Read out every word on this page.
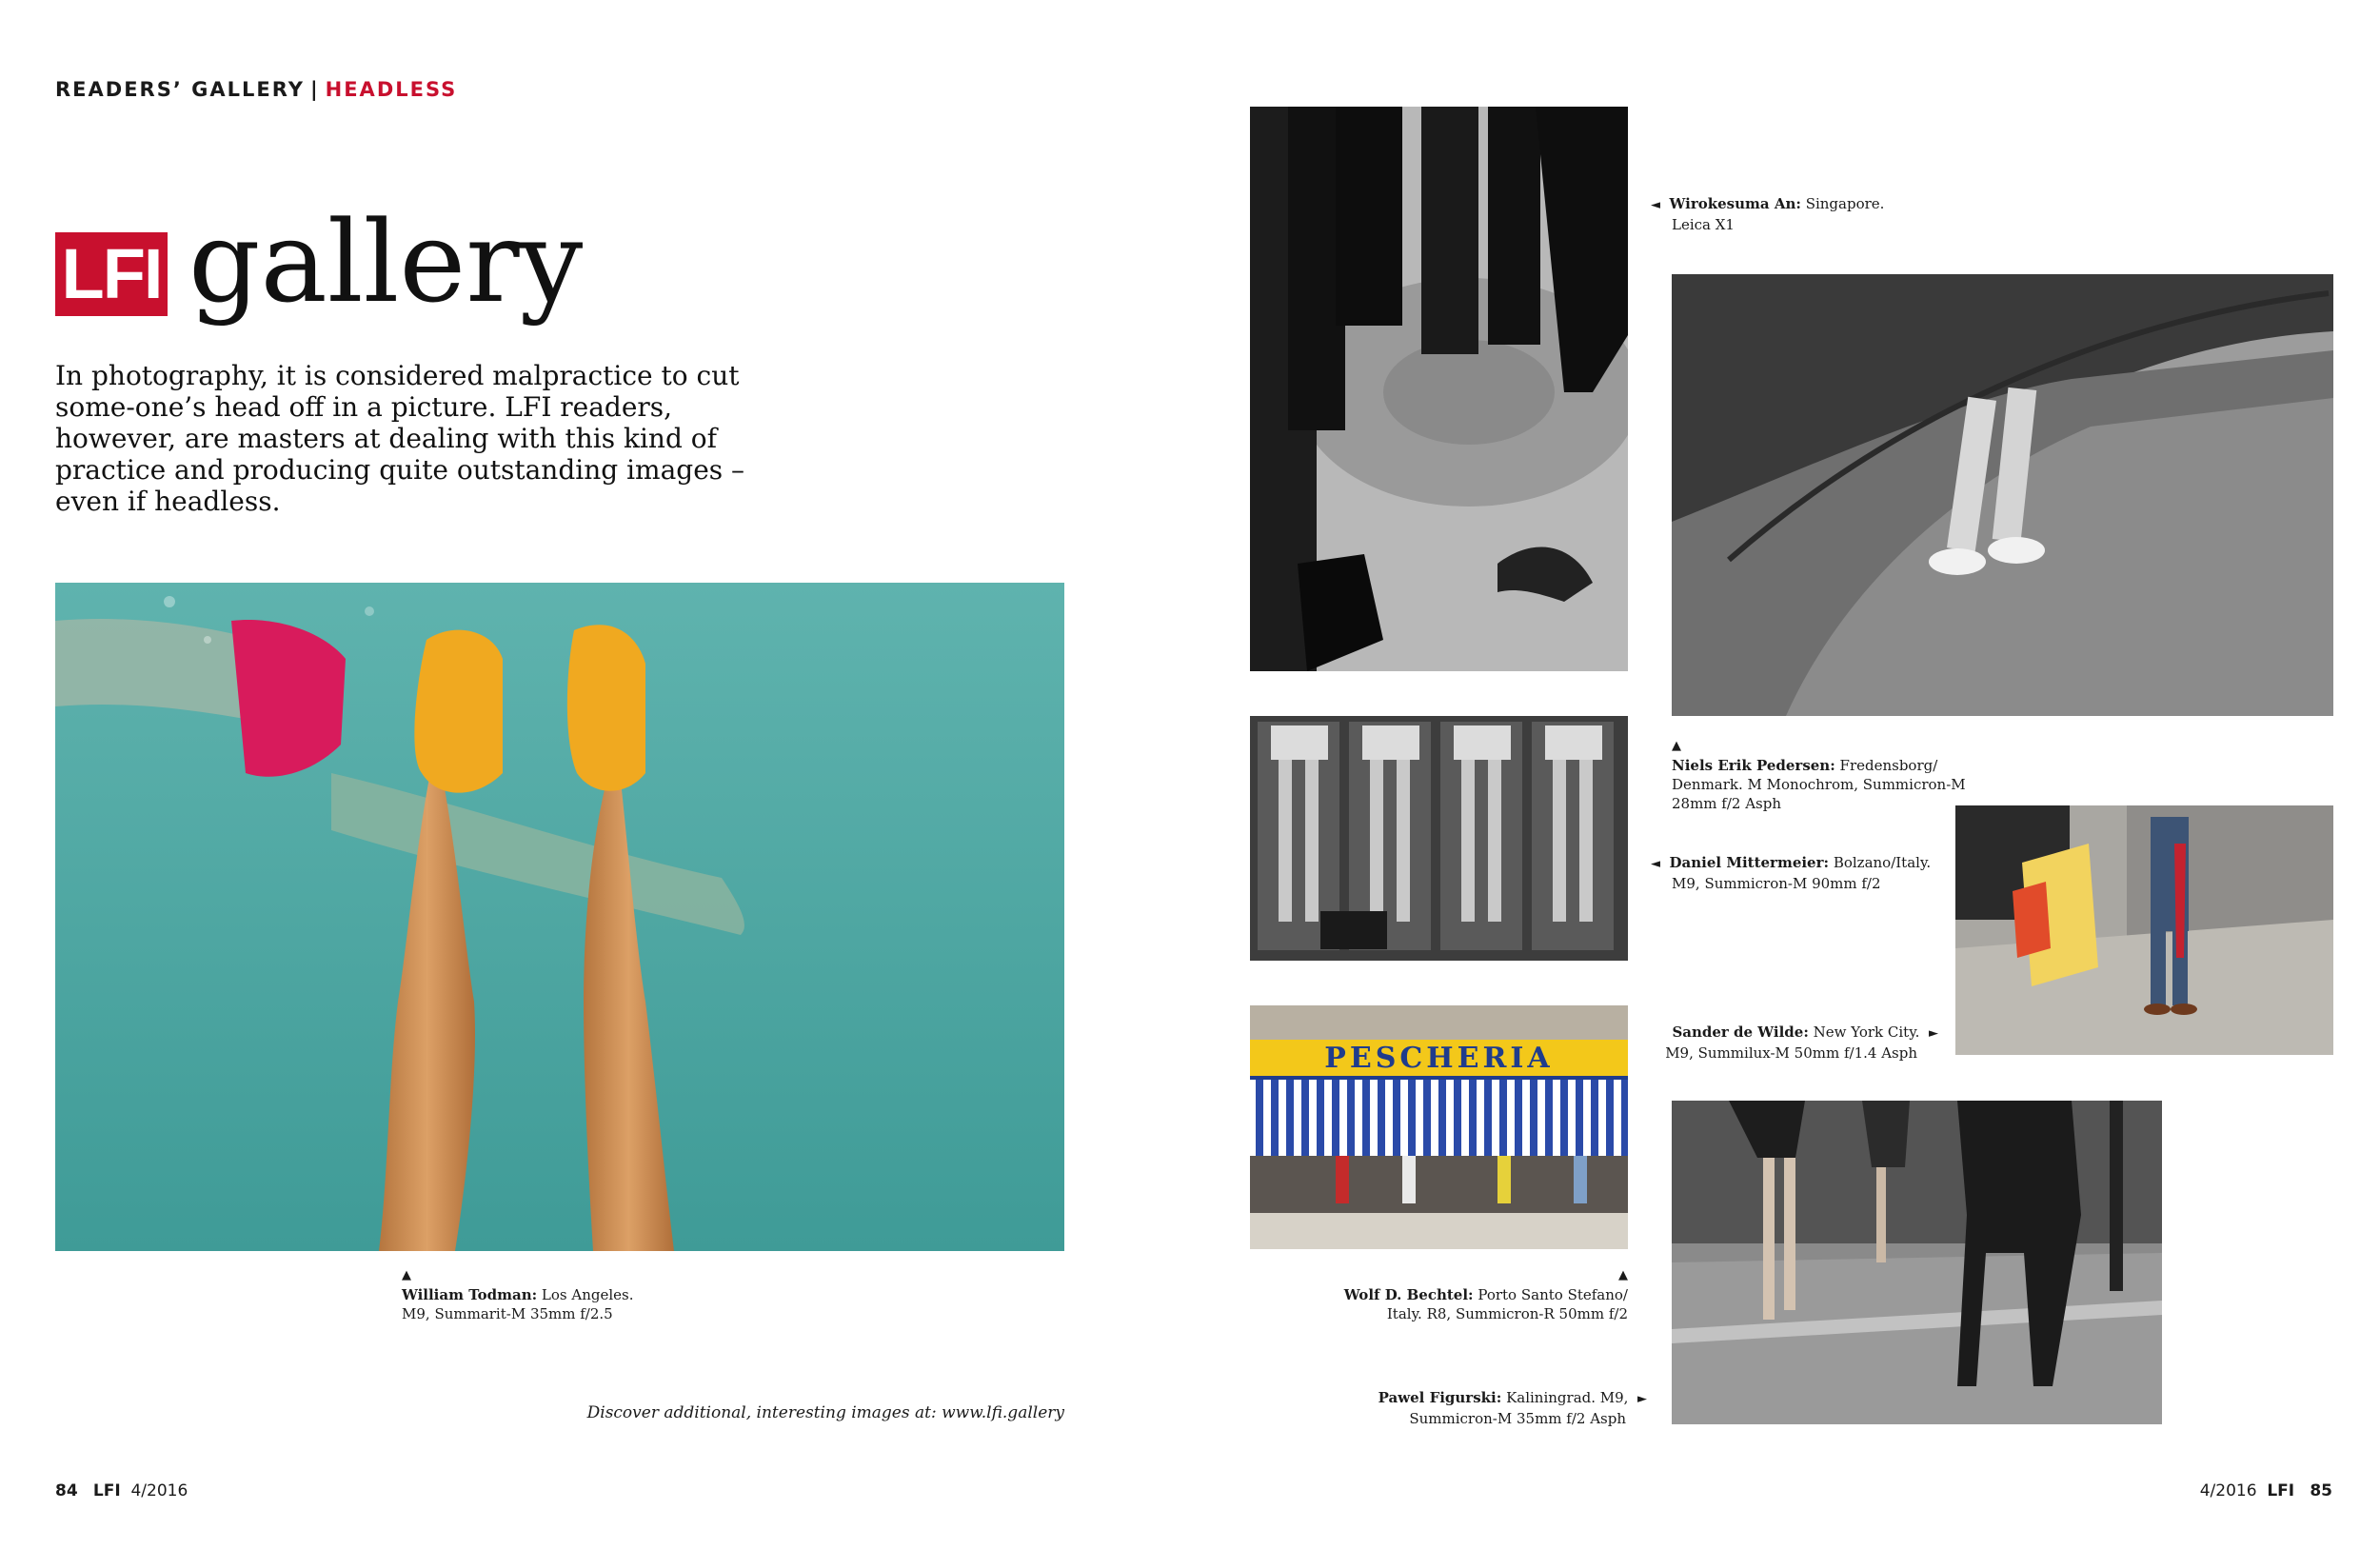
READERS’ GALLERY | HEADLESS
LFI gallery
In photography, it is considered malpractice to cut some-one’s head off in a picture. LFI readers, however, are masters at dealing with this kind of practice and producing quite outstanding images – even if headless.
▲
William Todman: Los Angeles.
M9, Summarit-M 35mm f/2.5
Discover additional, interesting images at: www.lfi.gallery
◄ Wirokesuma An: Singapore.
Leica X1
▲
Niels Erik Pedersen: Fredensborg/
Denmark. M Monochrom, Summicron-M
28mm f/2 Asph
◄ Daniel Mittermeier: Bolzano/Italy.
M9, Summicron-M 90mm f/2
Sander de Wilde: New York City. ►
M9, Summilux-M 50mm f/1.4 Asph
PESCHERIA
▲
Wolf D. Bechtel: Porto Santo Stefano/
Italy. R8, Summicron-R 50mm f/2
Pawel Figurski: Kaliningrad. M9, ►
Summicron-M 35mm f/2 Asph
84 LFI 4/2016	4/2016 LFI 85
